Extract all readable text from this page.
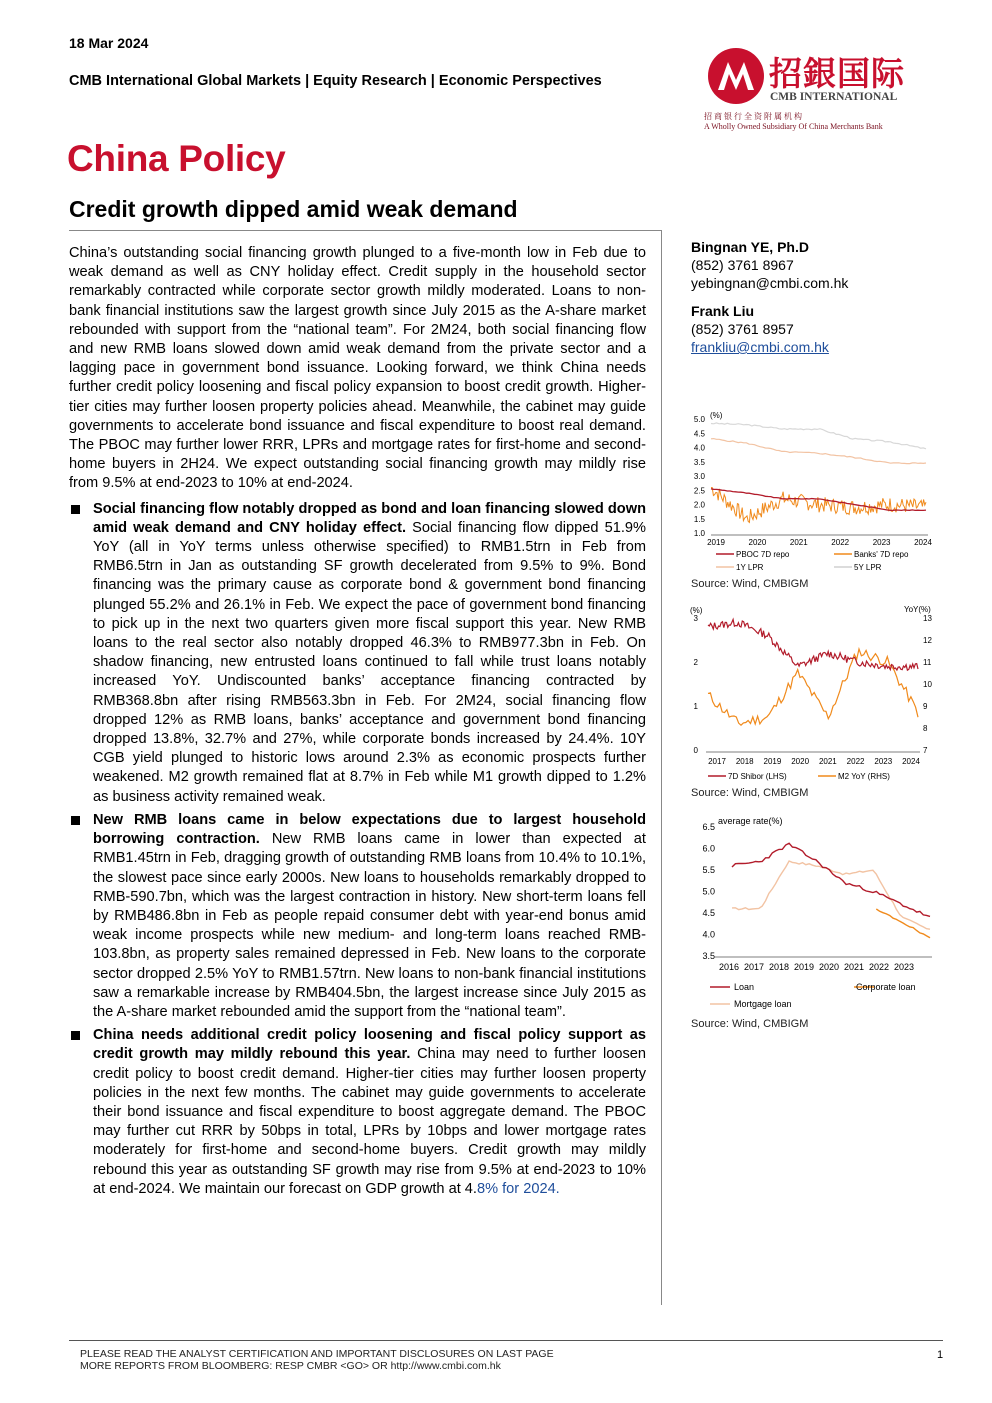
18 Mar 2024
CMB International Global Markets | Equity Research | Economic Perspectives
China Policy
Credit growth dipped amid weak demand
招銀国际
CMB INTERNATIONAL
招 商 银 行 全 资 附 属 机 构
A Wholly Owned Subsidiary Of China Merchants Bank

China’s outstanding social financing growth plunged to a five-month low in Feb due to weak demand as well as CNY holiday effect. Credit supply in the household sector remarkably contracted while corporate sector growth mildly moderated. Loans to non-bank financial institutions saw the largest growth since July 2015 as the A-share market rebounded with support from the “national team”. For 2M24, both social financing flow and new RMB loans slowed down amid weak demand from the private sector and a lagging pace in government bond issuance. Looking forward, we think China needs further credit policy loosening and fiscal policy expansion to boost credit growth. Higher-tier cities may further loosen property policies ahead. Meanwhile, the cabinet may guide governments to accelerate bond issuance and fiscal expenditure to boost real demand. The PBOC may further lower RRR, LPRs and mortgage rates for first-home and second-home buyers in 2H24. We expect outstanding social financing growth may mildly rise from 9.5% at end-2023 to 10% at end-2024.

Social financing flow notably dropped as bond and loan financing slowed down amid weak demand and CNY holiday effect. Social financing flow dipped 51.9% YoY (all in YoY terms unless otherwise specified) to RMB1.5trn in Feb from RMB6.5trn in Jan as outstanding SF growth decelerated from 9.5% to 9%. Bond financing was the primary cause as corporate bond & government bond financing plunged 55.2% and 26.1% in Feb. We expect the pace of government bond financing to pick up in the next two quarters given more fiscal support this year. New RMB loans to the real sector also notably dropped 46.3% to RMB977.3bn in Feb. On shadow financing, new entrusted loans continued to fall while trust loans notably increased YoY. Undiscounted banks’ acceptance financing contracted by RMB368.8bn after rising RMB563.3bn in Feb. For 2M24, social financing flow dropped 12% as RMB loans, banks’ acceptance and government bond financing dropped 13.8%, 32.7% and 27%, while corporate bonds increased by 24.4%. 10Y CGB yield plunged to historic lows around 2.3% as economic prospects further weakened. M2 growth remained flat at 8.7% in Feb while M1 growth dipped to 1.2% as business activity remained weak.
New RMB loans came in below expectations due to largest household borrowing contraction. New RMB loans came in lower than expected at RMB1.45trn in Feb, dragging growth of outstanding RMB loans from 10.4% to 10.1%, the slowest pace since early 2000s. New loans to households remarkably dropped to RMB-590.7bn, which was the largest contraction in history. New short-term loans fell by RMB486.8bn in Feb as people repaid consumer debt with year-end bonus amid weak income prospects while new medium- and long-term loans reached RMB-103.8bn, as property sales remained depressed in Feb. New loans to the corporate sector dropped 2.5% YoY to RMB1.57trn. New loans to non-bank financial institutions saw a remarkable increase by RMB404.5bn, the largest increase since July 2015 as the A-share market rebounded amid the support from the “national team”.
China needs additional credit policy loosening and fiscal policy support as credit growth may mildly rebound this year. China may need to further loosen credit policy to boost credit demand. Higher-tier cities may further loosen property policies in the next few months. The cabinet may guide governments to accelerate their bond issuance and fiscal expenditure to boost aggregate demand. The PBOC may further cut RRR by 50bps in total, LPRs by 10bps and lower mortgage rates moderately for first-home and second-home buyers. Credit growth may mildly rebound this year as outstanding SF growth may rise from 9.5% at end-2023 to 10% at end-2024. We maintain our forecast on GDP growth at 4.8% for 2024.
Bingnan YE, Ph.D
(852) 3761 8967
yebingnan@cmbi.com.hk
Frank Liu
(852) 3761 8957
frankliu@cmbi.com.hk
(%)
5.0
4.5
4.0
3.5
3.0
2.5
2.0
1.5
1.0
2019	2020	2021	2022	2023	2024
PBOC 7D repo	Banks' 7D repo
1Y LPR	5Y LPR
Source: Wind, CMBIGM
(%)	YoY(%)
3
2
1
0
13
12
11
10
9
8
7
2017 2018 2019 2020 2021 2022 2023 2024
7D Shibor (LHS)	M2 YoY (RHS)
Source: Wind, CMBIGM
average rate(%)
6.5
6.0
5.5
5.0
4.5
4.0
3.5
2016 2017 2018 2019 2020 2021 2022 2023
Loan	Corporate loan
Mortgage loan
Source: Wind, CMBIGM
PLEASE READ THE ANALYST CERTIFICATION AND IMPORTANT DISCLOSURES ON LAST PAGE
MORE REPORTS FROM BLOOMBERG: RESP CMBR <GO> OR http://www.cmbi.com.hk
1
